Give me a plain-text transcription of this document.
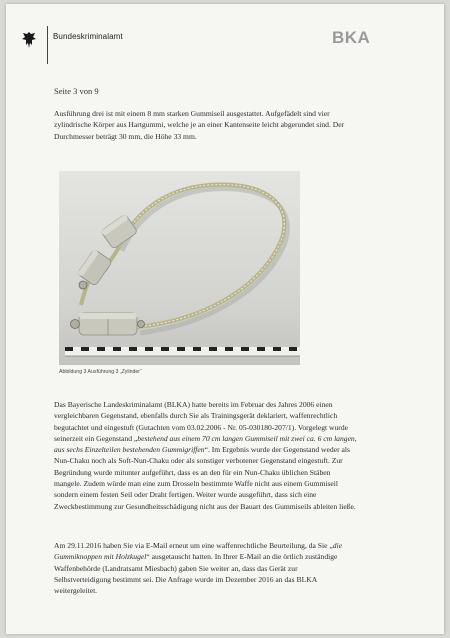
Bundeskriminalamt	BKA
Seite 3 von 9

Ausführung drei ist mit einem 8 mm starken Gummiseil ausgestattet. Aufgefädelt sind vier zylindrische Körper aus Hartgummi, welche je an einer Kantenseite leicht abgerundet sind. Der Durchmesser beträgt 30 mm, die Höhe 33 mm.

Abbildung 3 Ausführung 3 „Zylinder“

Das Bayerische Landeskriminalamt (BLKA) hatte bereits im Februar des Jahres 2006 einen vergleichbaren Gegenstand, ebenfalls durch Sie als Trainingsgerät deklariert, waffenrechtlich begutachtet und eingestuft (Gutachten vom 03.02.2006 - Nr. 05-030180-207/1). Vorgelegt wurde seinerzeit ein Gegenstand „bestehend aus einem 70 cm langen Gummiseil mit zwei ca. 6 cm langen, aus sechs Einzelteilen bestehenden Gummigriffen“. Im Ergebnis wurde der Gegenstand weder als Nun-Chaku noch als Soft-Nun-Chaku oder als sonstiger verbotener Gegenstand eingestuft. Zur Begründung wurde mitunter aufgeführt, dass es an den für ein Nun-Chaku üblichen Stäben mangele. Zudem würde man eine zum Drosseln bestimmte Waffe nicht aus einem Gummiseil sondern einem festen Seil oder Draht fertigen. Weiter wurde ausgeführt, dass sich eine Zweckbestimmung zur Gesundheitsschädigung nicht aus der Bauart des Gummiseils ableiten ließe.

Am 29.11.2016 haben Sie via E-Mail erneut um eine waffenrechtliche Beurteilung, da Sie „die Gummiknoppen mit Holzkugel“ ausgetauscht hatten. In Ihrer E-Mail an die örtlich zuständige Waffenbehörde (Landratsamt Miesbach) gaben Sie weiter an, dass das Gerät zur Selbstverteidigung bestimmt sei. Die Anfrage wurde im Dezember 2016 an das BLKA weitergeleitet.
